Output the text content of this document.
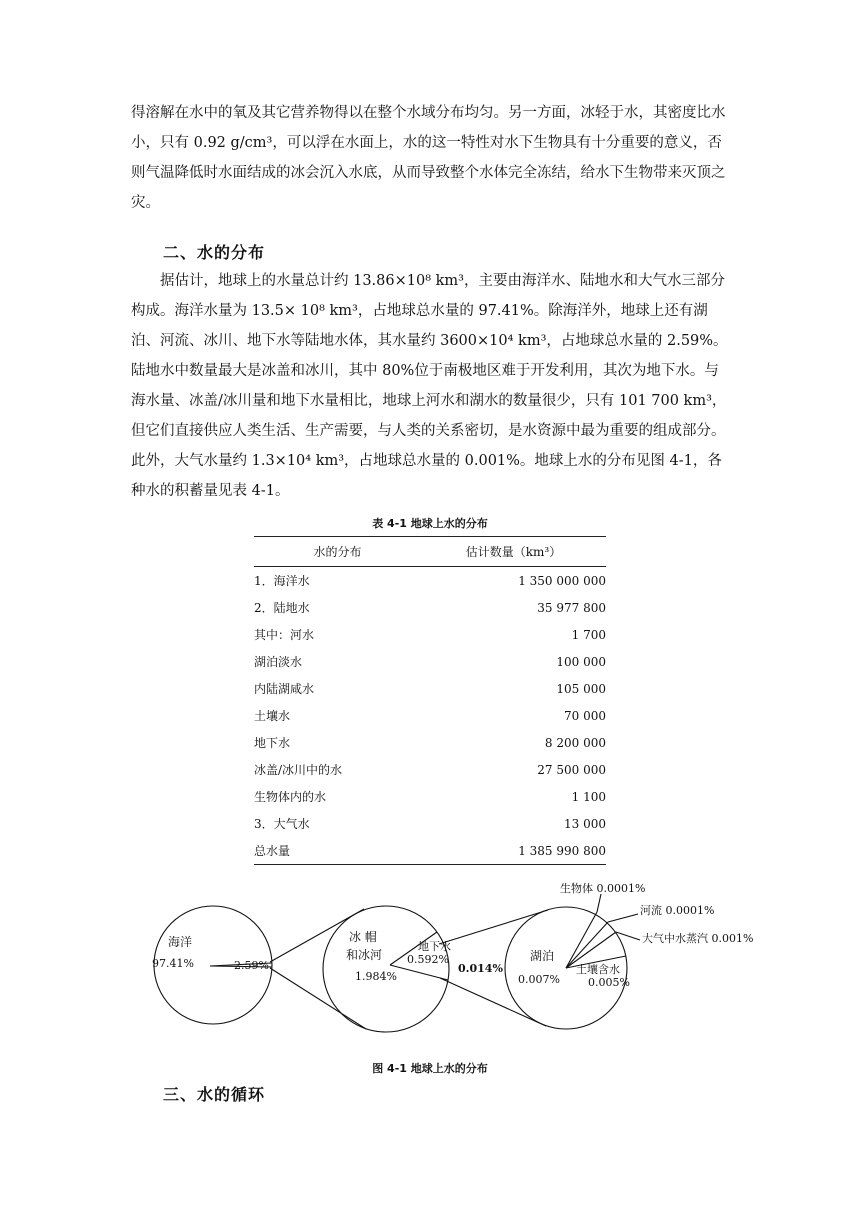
得溶解在水中的氧及其它营养物得以在整个水域分布均匀。另一方面，冰轻于水，其密度比水小，只有 0.92 g/cm³，可以浮在水面上，水的这一特性对水下生物具有十分重要的意义，否则气温降低时水面结成的冰会沉入水底，从而导致整个水体完全冻结，给水下生物带来灭顶之灾。

二、水的分布

据估计，地球上的水量总计约 13.86×10⁸ km³，主要由海洋水、陆地水和大气水三部分构成。海洋水量为 13.5× 10⁸ km³，占地球总水量的 97.41%。除海洋外，地球上还有湖泊、河流、冰川、地下水等陆地水体，其水量约 3600×10⁴ km³，占地球总水量的 2.59%。陆地水中数量最大是冰盖和冰川，其中 80%位于南极地区难于开发利用，其次为地下水。与海水量、冰盖/冰川量和地下水量相比，地球上河水和湖水的数量很少，只有 101 700 km³，但它们直接供应人类生活、生产需要，与人类的关系密切，是水资源中最为重要的组成部分。此外，大气水量约 1.3×10⁴ km³，占地球总水量的 0.001%。地球上水的分布见图 4-1，各种水的积蓄量见表 4-1。

表 4-1 地球上水的分布
水的分布	估计数量（km³）
1．海洋水	1 350 000 000
2．陆地水	35 977 800
其中：河水	1 700
湖泊淡水	100 000
内陆湖咸水	105 000
土壤水	70 000
地下水	8 200 000
冰盖/冰川中的水	27 500 000
生物体内的水	1 100
3．大气水	13 000
总水量	1 385 990 800
海洋
97.41%	2.59%
冰 帽
和冰河
1.984%
地下水
0.592%
0.014%
湖泊
0.007%
土壤含水
0.005%
生物体 0.0001%
河流 0.0001%
大气中水蒸汽 0.001%
图 4-1 地球上水的分布
三、水的循环
